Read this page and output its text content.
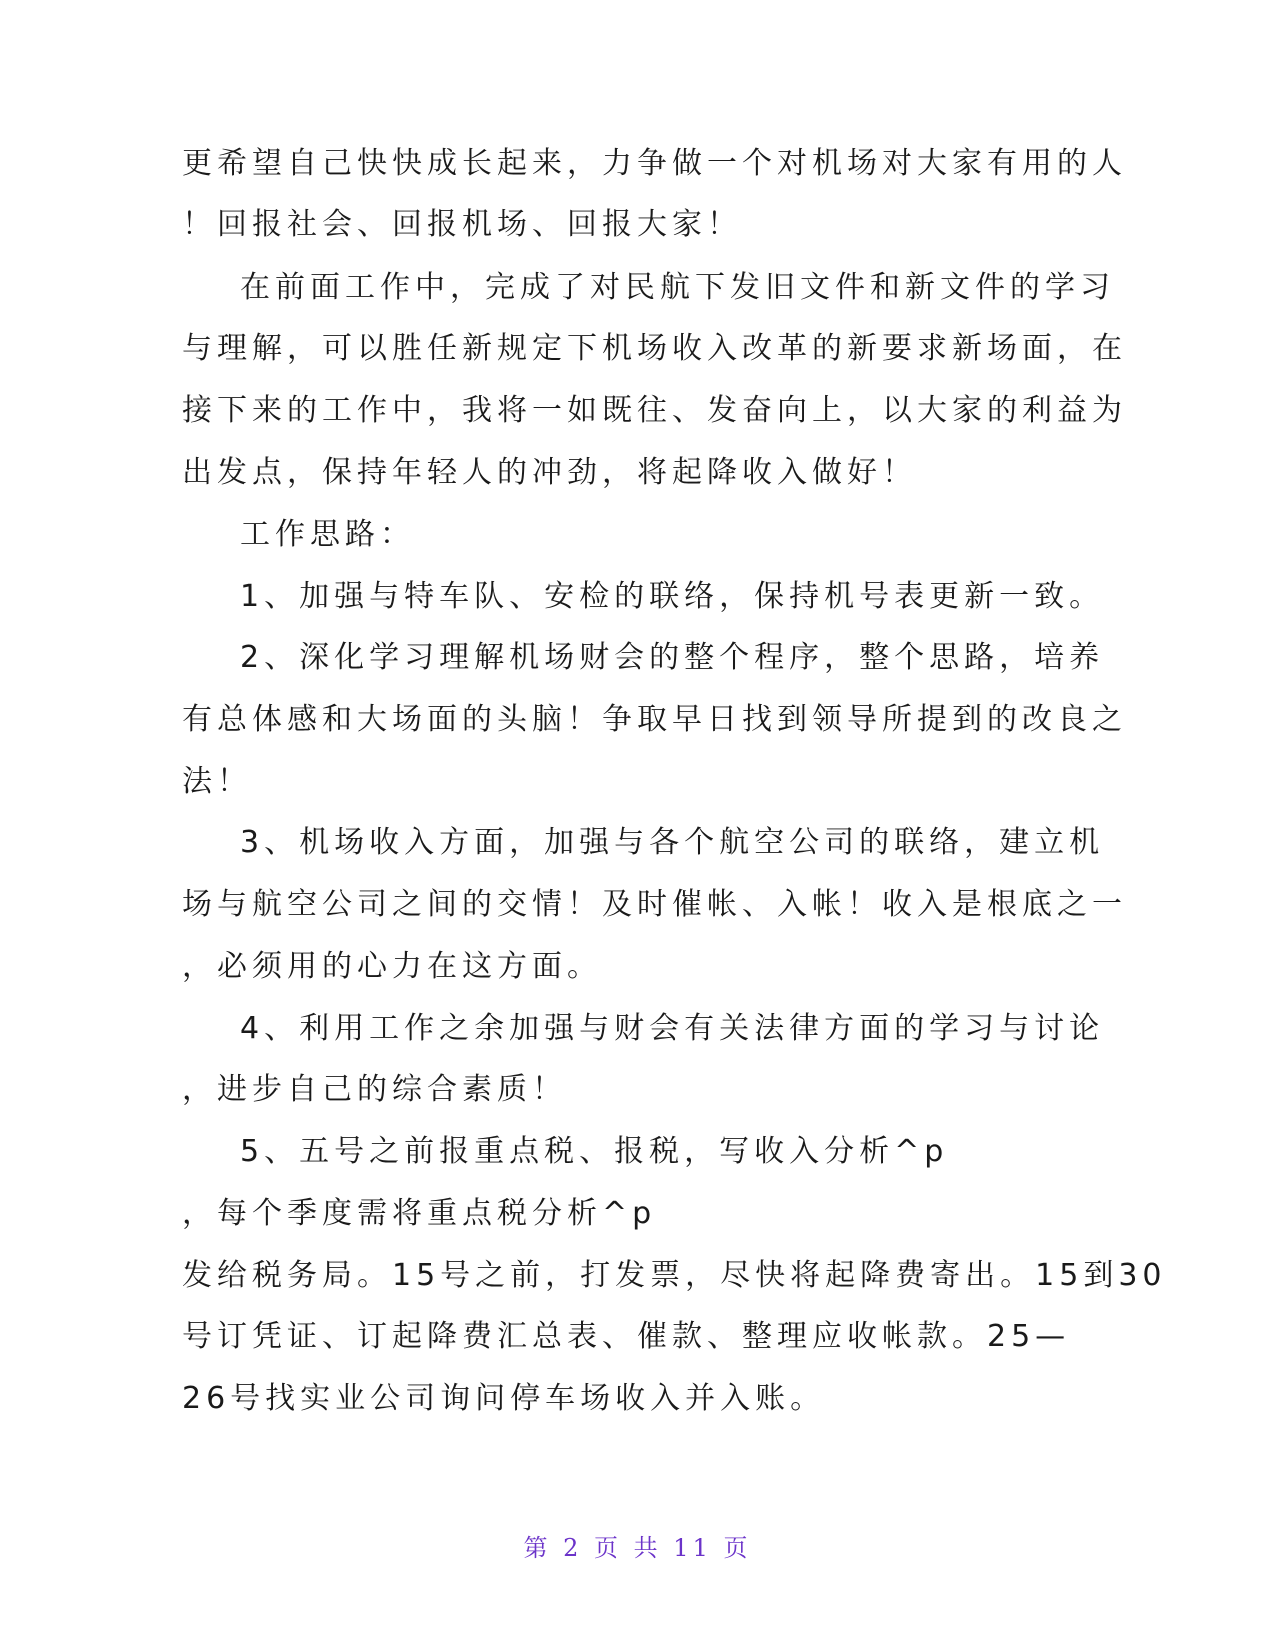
更希望自己快快成长起来，力争做一个对机场对大家有用的人
！回报社会、回报机场、回报大家！
在前面工作中，完成了对民航下发旧文件和新文件的学习
与理解，可以胜任新规定下机场收入改革的新要求新场面，在
接下来的工作中，我将一如既往、发奋向上，以大家的利益为
出发点，保持年轻人的冲劲，将起降收入做好！
工作思路：
1、加强与特车队、安检的联络，保持机号表更新一致。
2、深化学习理解机场财会的整个程序，整个思路，培养
有总体感和大场面的头脑！争取早日找到领导所提到的改良之
法！
3、机场收入方面，加强与各个航空公司的联络，建立机
场与航空公司之间的交情！及时催帐、入帐！收入是根底之一
，必须用的心力在这方面。
4、利用工作之余加强与财会有关法律方面的学习与讨论
，进步自己的综合素质！
5、五号之前报重点税、报税，写收入分析^p
，每个季度需将重点税分析^p
发给税务局。15号之前，打发票，尽快将起降费寄出。15到30
号订凭证、订起降费汇总表、催款、整理应收帐款。25—
26号找实业公司询问停车场收入并入账。
第 2 页 共 11 页
